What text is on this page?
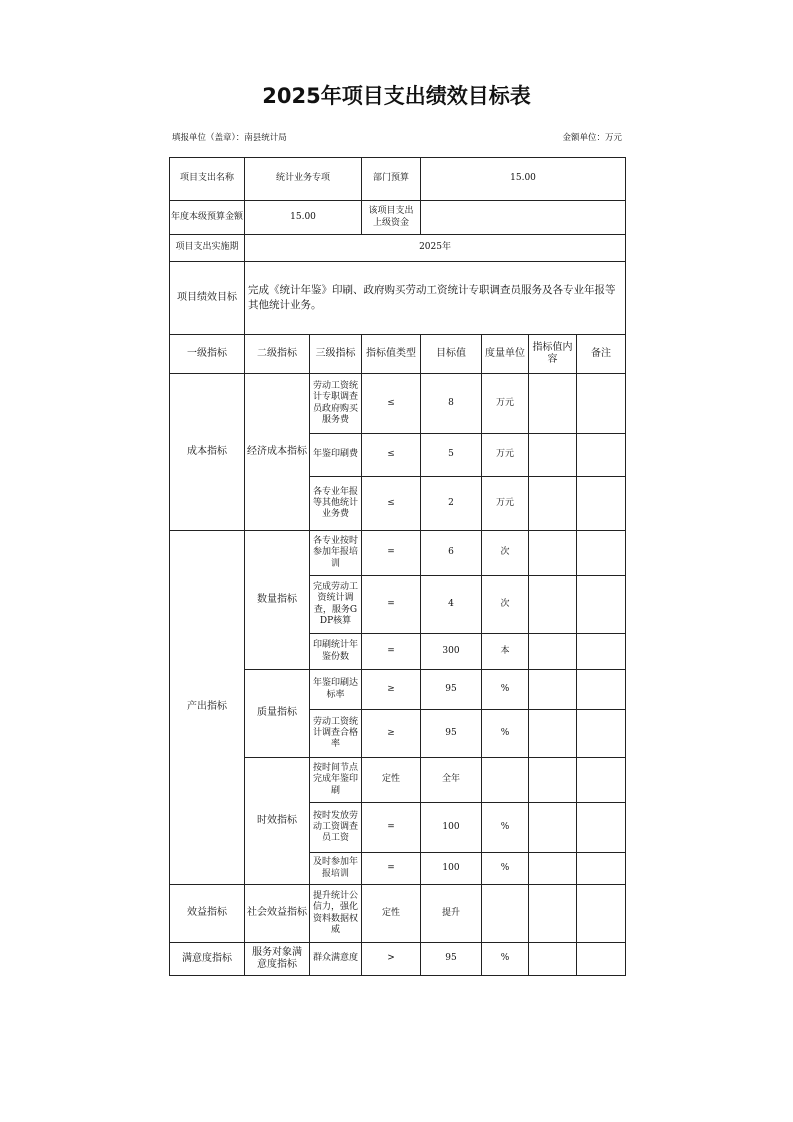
2025年项目支出绩效目标表
填报单位（盖章）：南县统计局	金额单位：万元
项目支出名称	统计业务专项		部门预算	15.00			
年度本级预算金额	15.00		该项目支出上级资金				
项目支出实施期	2025年						
项目绩效目标	完成《统计年鉴》印刷、政府购买劳动工资统计专职调查员服务及各专业年报等其他统计业务。						
一级指标	二级指标	三级指标	指标值类型	目标值	度量单位	指标值内容	备注
成本指标	经济成本指标	劳动工资统计专职调查员政府购买服务费	≤	8	万元		
		年鉴印刷费	≤	5	万元		
		各专业年报等其他统计业务费	≤	2	万元		
产出指标	数量指标	各专业按时参加年报培训	=	6	次		
		完成劳动工资统计调查，服务GDP核算	=	4	次		
		印刷统计年鉴份数	=	300	本		
	质量指标	年鉴印刷达标率	≥	95	%		
		劳动工资统计调查合格率	≥	95	%		
	时效指标	按时间节点完成年鉴印刷	定性	全年			
		按时发放劳动工资调查员工资	=	100	%		
		及时参加年报培训	=	100	%		
效益指标	社会效益指标	提升统计公信力，强化资料数据权威	定性	提升			
满意度指标	服务对象满意度指标	群众满意度	>	95	%		
